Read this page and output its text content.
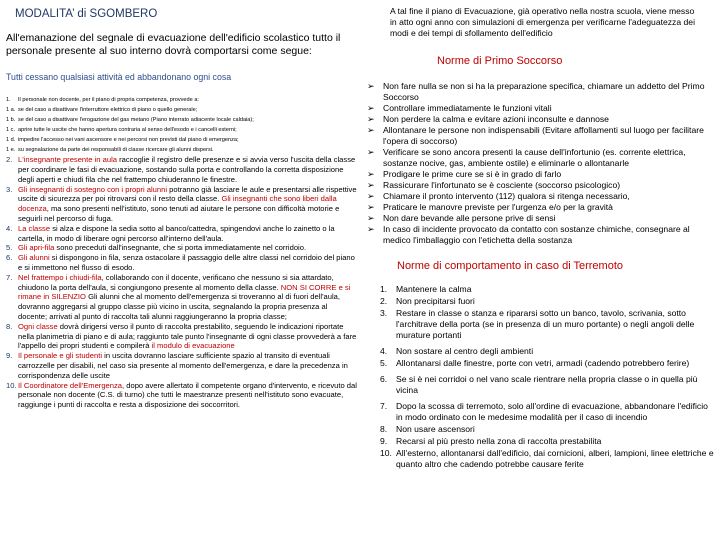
MODALITA’ di SGOMBERO
All'emanazione del segnale di evacuazione dell'edificio scolastico tutto il personale presente al suo interno dovrà comportarsi come segue:
Tutti cessano qualsiasi attività ed abbandonano ogni cosa
1.	Il personale non docente, per il piano di propria competenza, provvede a:
1 a. se del caso a disattivare l'interruttore elettrico di piano o quello generale;
1 b. se del caso a disattivare l'erogazione del gas metano (Piano interrato adiacente locale caldaia);
1 c. aprire tutte le uscite che hanno apertura contraria al senso dell'esodo e i cancelli esterni;
1 d. impedire l'accesso nei vani ascensore e nei percorsi non previsti dal piano di emergenza;
1 e. su segnalazione da parte dei responsabili di classe ricercare gli alunni dispersi.
2. L'insegnante presente in aula raccoglie il registro delle presenze e si avvia verso l'uscita della classe per coordinare le fasi di evacuazione, sostando sulla porta e controllando la corretta disposizione degli aperti e chiudi fila che nel frattempo chiuderanno le finestre.
3. Gli insegnanti di sostegno con i propri alunni potranno già lasciare le aule e presentarsi alle rispettive uscite di sicurezza per poi ritrovarsi con il resto della classe. Gli insegnanti che sono liberi dalla docenza, ma sono presenti nell'istituto, sono tenuti ad aiutare le persone con difficoltà motorie e seguirli nel percorso di fuga.
4. La classe si alza e dispone la sedia sotto al banco/cattedra, spingendovi anche lo zainetto o la cartella, in modo di liberare ogni percorso all'interno dell'aula.
5. Gli apri-fila sono preceduti dall'insegnante, che si porta immediatamente nel corridoio.
6. Gli alunni si dispongono in fila, senza ostacolare il passaggio delle altre classi nel corridoio del piano e si immettono nel flusso di esodo.
7. Nel frattempo i chiudi-fila, collaborando con il docente, verificano che nessuno si sia attardato, chiudono la porta dell'aula, si congiungono presente al momento della classe. NON SI CORRE e si rimane in SILENZIO Gli alunni che al momento dell'emergenza si troveranno al di fuori dell'aula, dovranno aggregarsi al gruppo classe più vicino in uscita, segnalando la propria presenza al docente; arrivati al punto di raccolta tali alunni raggiungeranno la propria classe;
8. Ogni classe dovrà dirigersi verso il punto di raccolta prestabilito, seguendo le indicazioni riportate nella planimetria di piano e di aula; raggiunto tale punto l'insegnante di ogni classe provvederà a fare l'appello dei propri studenti e compilerà il modulo di evacuazione
9. Il personale e gli studenti in uscita dovranno lasciare sufficiente spazio al transito di eventuali carrozzelle per disabili, nel caso sia presente al momento dell'emergenza, e dare la precedenza in corrispondenza delle uscite
10. Il Coordinatore dell'Emergenza, dopo avere allertato il competente organo d'intervento, e ricevuto dal personale non docente (C.S. di turno) che tutti le maestranze presenti nell'istituto sono evacuate, raggiunge i punti di raccolta e resta a disposizione dei soccorritori.
A tal fine il piano di Evacuazione, già operativo nella nostra scuola, viene messo in atto ogni anno con simulazioni di emergenza per verificarne l'adeguatezza dei modi e dei tempi di sfollamento dell'edificio
Norme di Primo Soccorso
➢ Non fare nulla se non si ha la preparazione specifica, chiamare un addetto del Primo Soccorso
➢ Controllare immediatamente le funzioni vitali
➢ Non perdere la calma e evitare azioni inconsulte e dannose
➢ Allontanare le persone non indispensabili (Evitare affollamenti sul luogo per facilitare l'opera di soccorso)
➢ Verificare se sono ancora presenti la cause dell'infortunio (es. corrente elettrica, sostanze nocive, gas, ambiente ostile) e eliminarle o allontanarle
➢ Prodigare le prime cure se si è in grado di farlo
➢ Rassicurare l'infortunato se è cosciente (soccorso psicologico)
➢ Chiamare il pronto intervento (112) qualora si ritenga necessario,
➢ Praticare le manovre previste per l'urgenza e/o per la gravità
➢ Non dare bevande alle persone prive di sensi
➢ In caso di incidente provocato da contatto con sostanze chimiche, consegnare al medico l'imballaggio con l'etichetta della sostanza
Norme di comportamento in caso di Terremoto
1.	Mantenere la calma
2.	Non precipitarsi fuori
3.	Restare in classe o stanza e ripararsi sotto un banco, tavolo, scrivania, sotto l'architrave della porta (se in presenza di un muro portante) o negli angoli delle murature portanti
4.	Non sostare al centro degli ambienti
5.	Allontanarsi dalle finestre, porte con vetri, armadi (cadendo potrebbero ferire)
6.	Se si è nei corridoi o nel vano scale rientrare nella propria classe o in quella più vicina
7.	Dopo la scossa di terremoto, solo all'ordine di evacuazione, abbandonare l'edificio in modo ordinato con le medesime modalità per il caso di incendio
8.	Non usare ascensori
9.	Recarsi al più presto nella zona di raccolta prestabilita
10. All'esterno, allontanarsi dall'edificio, dai cornicioni, alberi, lampioni, linee elettriche e quanto altro che cadendo potrebbe causare ferite
